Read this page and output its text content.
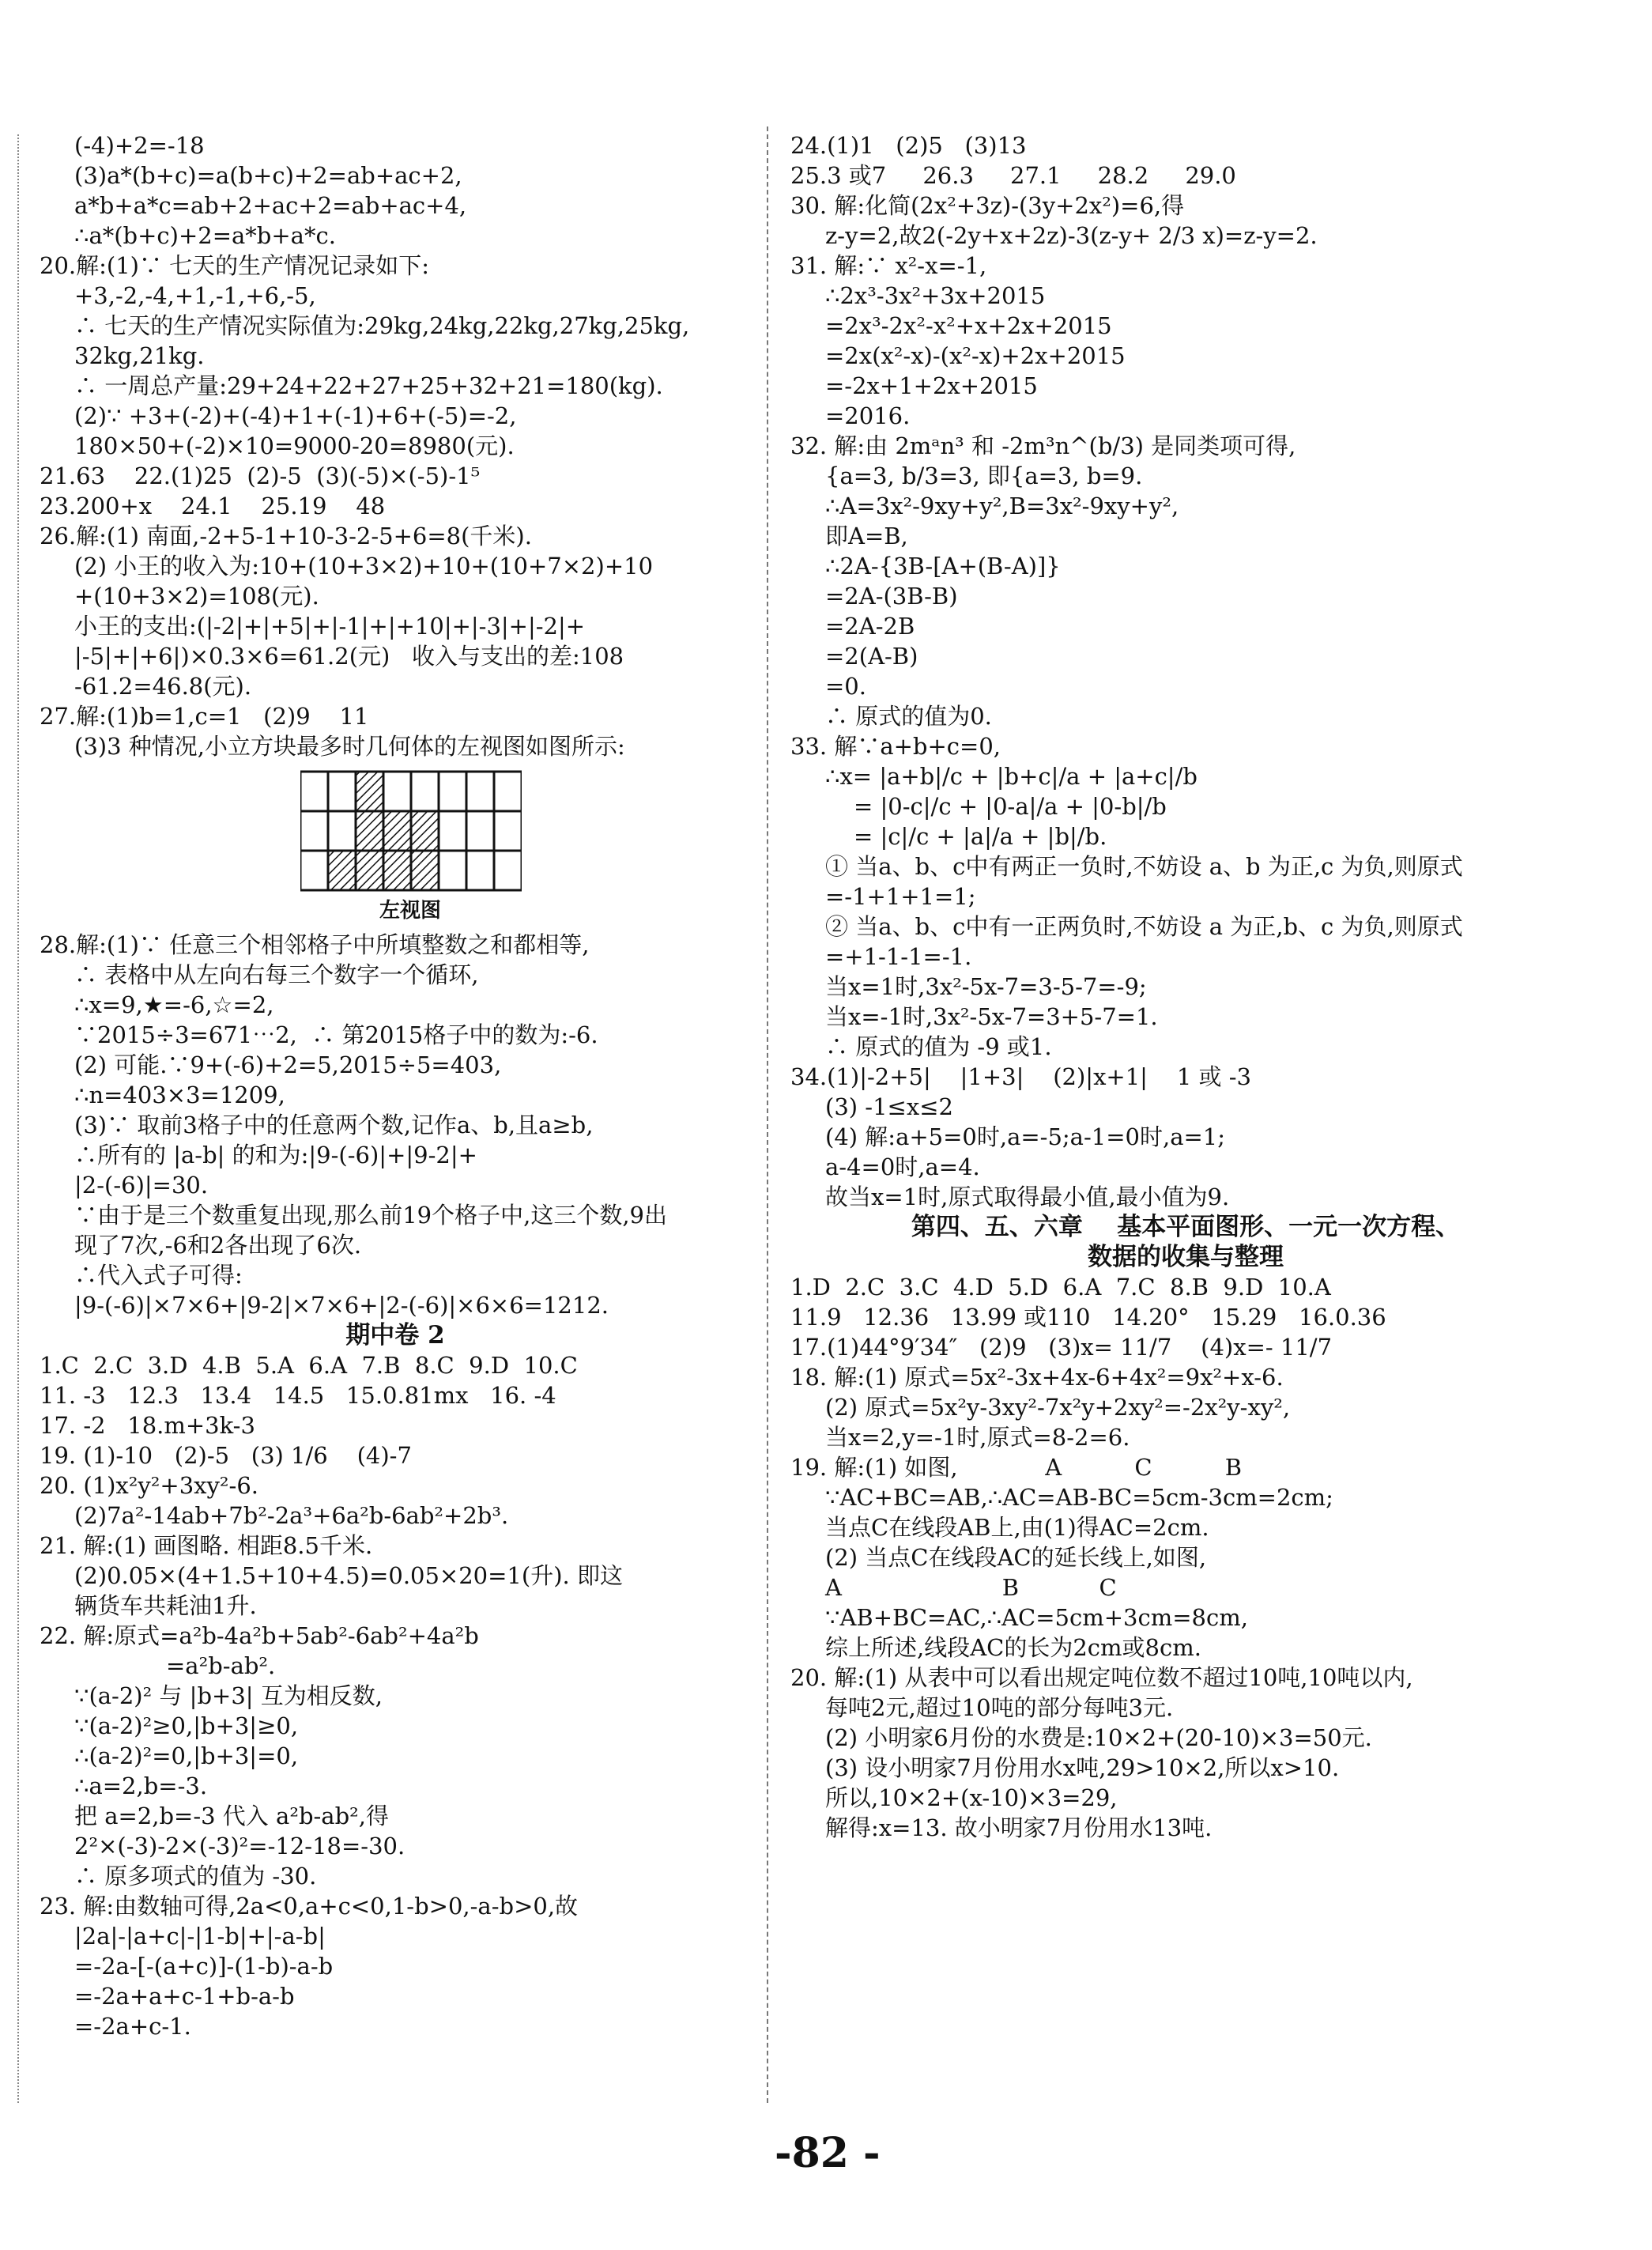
(-4)+2=-18
(3)a*(b+c)=a(b+c)+2=ab+ac+2,
a*b+a*c=ab+2+ac+2=ab+ac+4,
∴a*(b+c)+2=a*b+a*c.
20.解:(1)∵ 七天的生产情况记录如下:
+3,-2,-4,+1,-1,+6,-5,
∴ 七天的生产情况实际值为:29kg,24kg,22kg,27kg,25kg,
32kg,21kg.
∴ 一周总产量:29+24+22+27+25+32+21=180(kg).
(2)∵ +3+(-2)+(-4)+1+(-1)+6+(-5)=-2,
180×50+(-2)×10=9000-20=8980(元).
21.63    22.(1)25  (2)-5  (3)(-5)×(-5)-1⁵
23.200+x    24.1    25.19    48
26.解:(1) 南面,-2+5-1+10-3-2-5+6=8(千米).
(2) 小王的收入为:10+(10+3×2)+10+(10+7×2)+10
+(10+3×2)=108(元).
小王的支出:(|-2|+|+5|+|-1|+|+10|+|-3|+|-2|+
|-5|+|+6|)×0.3×6=61.2(元)   收入与支出的差:108
-61.2=46.8(元).
27.解:(1)b=1,c=1   (2)9    11
(3)3 种情况,小立方块最多时几何体的左视图如图所示:
左视图
28.解:(1)∵ 任意三个相邻格子中所填整数之和都相等,
∴ 表格中从左向右每三个数字一个循环,
∴x=9,★=-6,☆=2,
∵2015÷3=671⋯2,  ∴ 第2015格子中的数为:-6.
(2) 可能.∵9+(-6)+2=5,2015÷5=403,
∴n=403×3=1209,
(3)∵ 取前3格子中的任意两个数,记作a、b,且a≥b,
∴所有的 |a-b| 的和为:|9-(-6)|+|9-2|+
|2-(-6)|=30.
∵由于是三个数重复出现,那么前19个格子中,这三个数,9出
现了7次,-6和2各出现了6次.
∴代入式子可得:
|9-(-6)|×7×6+|9-2|×7×6+|2-(-6)|×6×6=1212.
期中卷 2
1.C  2.C  3.D  4.B  5.A  6.A  7.B  8.C  9.D  10.C
11. -3   12.3   13.4   14.5   15.0.81mx   16. -4
17. -2   18.m+3k-3
19. (1)-10   (2)-5   (3) 1/6    (4)-7
20. (1)x²y²+3xy²-6.
(2)7a²-14ab+7b²-2a³+6a²b-6ab²+2b³.
21. 解:(1) 画图略. 相距8.5千米.
(2)0.05×(4+1.5+10+4.5)=0.05×20=1(升). 即这
辆货车共耗油1升.
22. 解:原式=a²b-4a²b+5ab²-6ab²+4a²b
=a²b-ab².
∵(a-2)² 与 |b+3| 互为相反数,
∵(a-2)²≥0,|b+3|≥0,
∴(a-2)²=0,|b+3|=0,
∴a=2,b=-3.
把 a=2,b=-3 代入 a²b-ab²,得
2²×(-3)-2×(-3)²=-12-18=-30.
∴ 原多项式的值为 -30.
23. 解:由数轴可得,2a<0,a+c<0,1-b>0,-a-b>0,故
|2a|-|a+c|-|1-b|+|-a-b|
=-2a-[-(a+c)]-(1-b)-a-b
=-2a+a+c-1+b-a-b
=-2a+c-1.
24.(1)1   (2)5   (3)13
25.3 或7     26.3     27.1     28.2     29.0
30. 解:化简(2x²+3z)-(3y+2x²)=6,得
z-y=2,故2(-2y+x+2z)-3(z-y+ 2/3 x)=z-y=2.
31. 解:∵ x²-x=-1,
∴2x³-3x²+3x+2015
=2x³-2x²-x²+x+2x+2015
=2x(x²-x)-(x²-x)+2x+2015
=-2x+1+2x+2015
=2016.
32. 解:由 2mᵃn³ 和 -2m³n^(b/3) 是同类项可得,
{a=3, b/3=3, 即{a=3, b=9.
∴A=3x²-9xy+y²,B=3x²-9xy+y²,
即A=B,
∴2A-{3B-[A+(B-A)]}
=2A-(3B-B)
=2A-2B
=2(A-B)
=0.
∴ 原式的值为0.
33. 解∵a+b+c=0,
∴x= |a+b|/c + |b+c|/a + |a+c|/b
= |0-c|/c + |0-a|/a + |0-b|/b
= |c|/c + |a|/a + |b|/b.
① 当a、b、c中有两正一负时,不妨设 a、b 为正,c 为负,则原式
=-1+1+1=1;
② 当a、b、c中有一正两负时,不妨设 a 为正,b、c 为负,则原式
=+1-1-1=-1.
当x=1时,3x²-5x-7=3-5-7=-9;
当x=-1时,3x²-5x-7=3+5-7=1.
∴ 原式的值为 -9 或1.
34.(1)|-2+5|    |1+3|    (2)|x+1|    1 或 -3
(3) -1≤x≤2
(4) 解:a+5=0时,a=-5;a-1=0时,a=1;
a-4=0时,a=4.
故当x=1时,原式取得最小值,最小值为9.
第四、五、六章    基本平面图形、一元一次方程、
数据的收集与整理
1.D  2.C  3.C  4.D  5.D  6.A  7.C  8.B  9.D  10.A
11.9   12.36   13.99 或110   14.20°   15.29   16.0.36
17.(1)44°9′34″   (2)9   (3)x= 11/7    (4)x=- 11/7
18. 解:(1) 原式=5x²-3x+4x-6+4x²=9x²+x-6.
(2) 原式=5x²y-3xy²-7x²y+2xy²=-2x²y-xy²,
当x=2,y=-1时,原式=8-2=6.
19. 解:(1) 如图,            A          C          B
∵AC+BC=AB,∴AC=AB-BC=5cm-3cm=2cm;
当点C在线段AB上,由(1)得AC=2cm.
(2) 当点C在线段AC的延长线上,如图,
A                      B           C
∵AB+BC=AC,∴AC=5cm+3cm=8cm,
综上所述,线段AC的长为2cm或8cm.
20. 解:(1) 从表中可以看出规定吨位数不超过10吨,10吨以内,
每吨2元,超过10吨的部分每吨3元.
(2) 小明家6月份的水费是:10×2+(20-10)×3=50元.
(3) 设小明家7月份用水x吨,29>10×2,所以x>10.
所以,10×2+(x-10)×3=29,
解得:x=13. 故小明家7月份用水13吨.
-82 -
